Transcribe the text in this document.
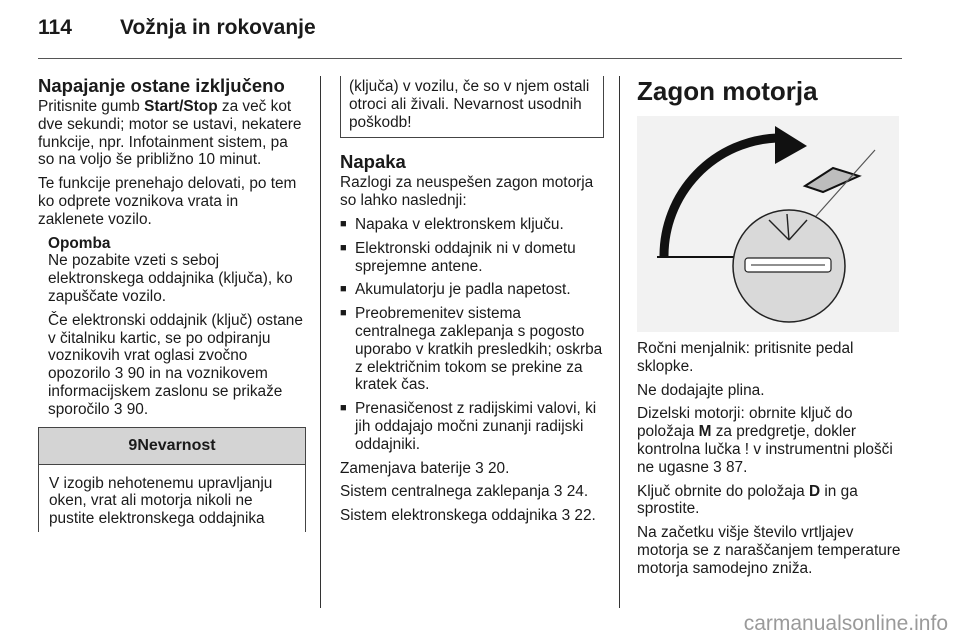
114 Vožnja in rokovanje
Napajanje ostane izključeno

Pritisnite gumb Start/Stop za več kot dve sekundi; motor se ustavi, nekatere funkcije, npr. Infotainment sistem, pa so na voljo še približno 10 minut.

Te funkcije prenehajo delovati, po tem ko odprete voznikova vrata in zaklenete vozilo.

Opomba

Ne pozabite vzeti s seboj elektronskega oddajnika (ključa), ko zapuščate vozilo.

Če elektronski oddajnik (ključ) ostane v čitalniku kartic, se po odpiranju voznikovih vrat oglasi zvočno opozorilo 3 90 in na voznikovem informacijskem zaslonu se prikaže sporočilo 3 90.

9 Nevarnost
V izogib nehotenemu upravljanju oken, vrat ali motorja nikoli ne pustite elektronskega oddajnika
(ključa) v vozilu, če so v njem ostali otroci ali živali. Nevarnost usodnih poškodb!
Napaka

Razlogi za neuspešen zagon motorja so lahko naslednji:

■ Napaka v elektronskem ključu.
■ Elektronski oddajnik ni v dometu sprejemne antene.
■ Akumulatorju je padla napetost.
■ Preobremenitev sistema centralnega zaklepanja s pogosto uporabo v kratkih presledkih; oskrba z električnim tokom se prekine za kratek čas.
■ Prenasičenost z radijskimi valovi, ki jih oddajajo močni zunanji radijski oddajniki.

Zamenjava baterije 3 20.

Sistem centralnega zaklepanja 3 24.

Sistem elektronskega oddajnika 3 22.

Zagon motorja

Ročni menjalnik: pritisnite pedal sklopke.

Ne dodajajte plina.

Dizelski motorji: obrnite ključ do položaja M za predgretje, dokler kontrolna lučka ! v instrumentni plošči ne ugasne 3 87.

Ključ obrnite do položaja D in ga sprostite.

Na začetku višje število vrtljajev motorja se z naraščanjem temperature motorja samodejno zniža.

carmanualsonline.info
